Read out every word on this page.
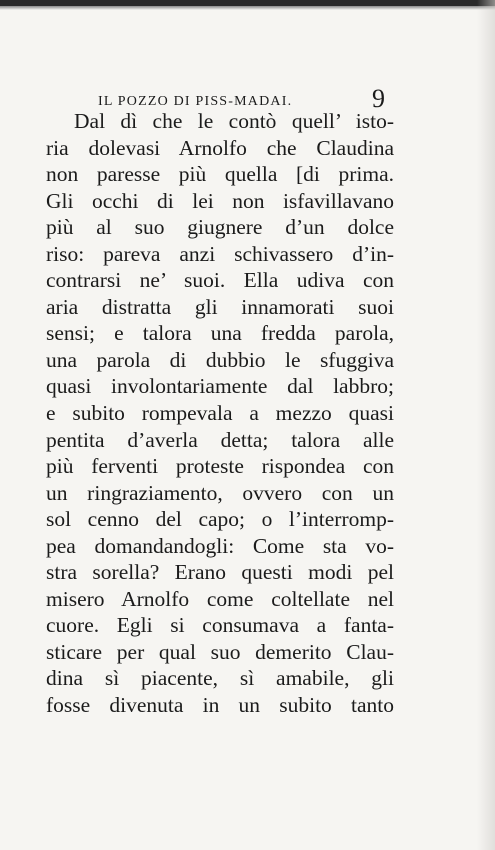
IL POZZO DI PISS-MADAI.	9
Dal dì che le contò quell’ isto-
ria dolevasi Arnolfo che Claudina
non paresse più quella [di prima.
Gli occhi di lei non isfavillavano
più al suo giugnere d’un dolce
riso: pareva anzi schivassero d’in-
contrarsi ne’ suoi. Ella udiva con
aria distratta gli innamorati suoi
sensi; e talora una fredda parola,
una parola di dubbio le sfuggiva
quasi involontariamente dal labbro;
e subito rompevala a mezzo quasi
pentita d’averla detta; talora alle
più ferventi proteste rispondea con
un ringraziamento, ovvero con un
sol cenno del capo; o l’interromp-
pea domandandogli: Come sta vo-
stra sorella? Erano questi modi pel
misero Arnolfo come coltellate nel
cuore. Egli si consumava a fanta-
sticare per qual suo demerito Clau-
dina sì piacente, sì amabile, gli
fosse divenuta in un subito tanto
